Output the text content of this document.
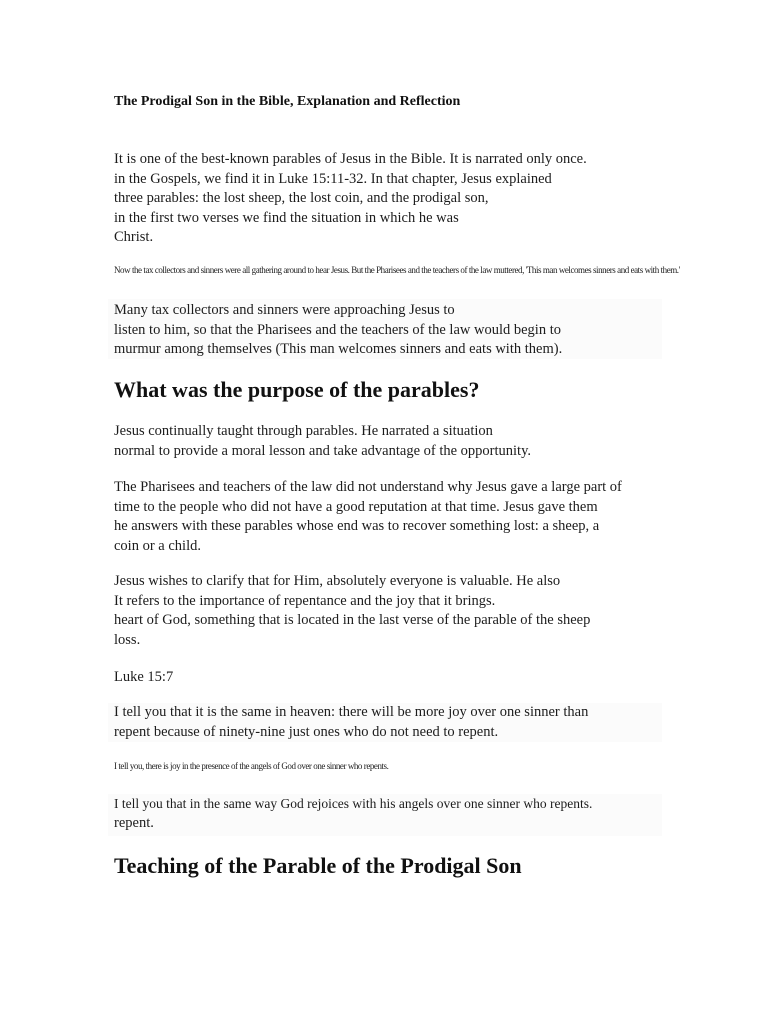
The Prodigal Son in the Bible, Explanation and Reflection
It is one of the best-known parables of Jesus in the Bible. It is narrated only once.
in the Gospels, we find it in Luke 15:11-32. In that chapter, Jesus explained
three parables: the lost sheep, the lost coin, and the prodigal son,
in the first two verses we find the situation in which he was
Christ.
Now the tax collectors and sinners were all gathering around to hear Jesus. But the Pharisees and the teachers of the law muttered, 'This man welcomes sinners and eats with them.'
Many tax collectors and sinners were approaching Jesus to
listen to him, so that the Pharisees and the teachers of the law would begin to
murmur among themselves (This man welcomes sinners and eats with them).
What was the purpose of the parables?
Jesus continually taught through parables. He narrated a situation
normal to provide a moral lesson and take advantage of the opportunity.
The Pharisees and teachers of the law did not understand why Jesus gave a large part of
time to the people who did not have a good reputation at that time. Jesus gave them
he answers with these parables whose end was to recover something lost: a sheep, a
coin or a child.
Jesus wishes to clarify that for Him, absolutely everyone is valuable. He also
It refers to the importance of repentance and the joy that it brings.
heart of God, something that is located in the last verse of the parable of the sheep
loss.
Luke 15:7
I tell you that it is the same in heaven: there will be more joy over one sinner than
repent because of ninety-nine just ones who do not need to repent.
I tell you, there is joy in the presence of the angels of God over one sinner who repents.
I tell you that in the same way God rejoices with his angels over one sinner who repents.
repent.
Teaching of the Parable of the Prodigal Son
